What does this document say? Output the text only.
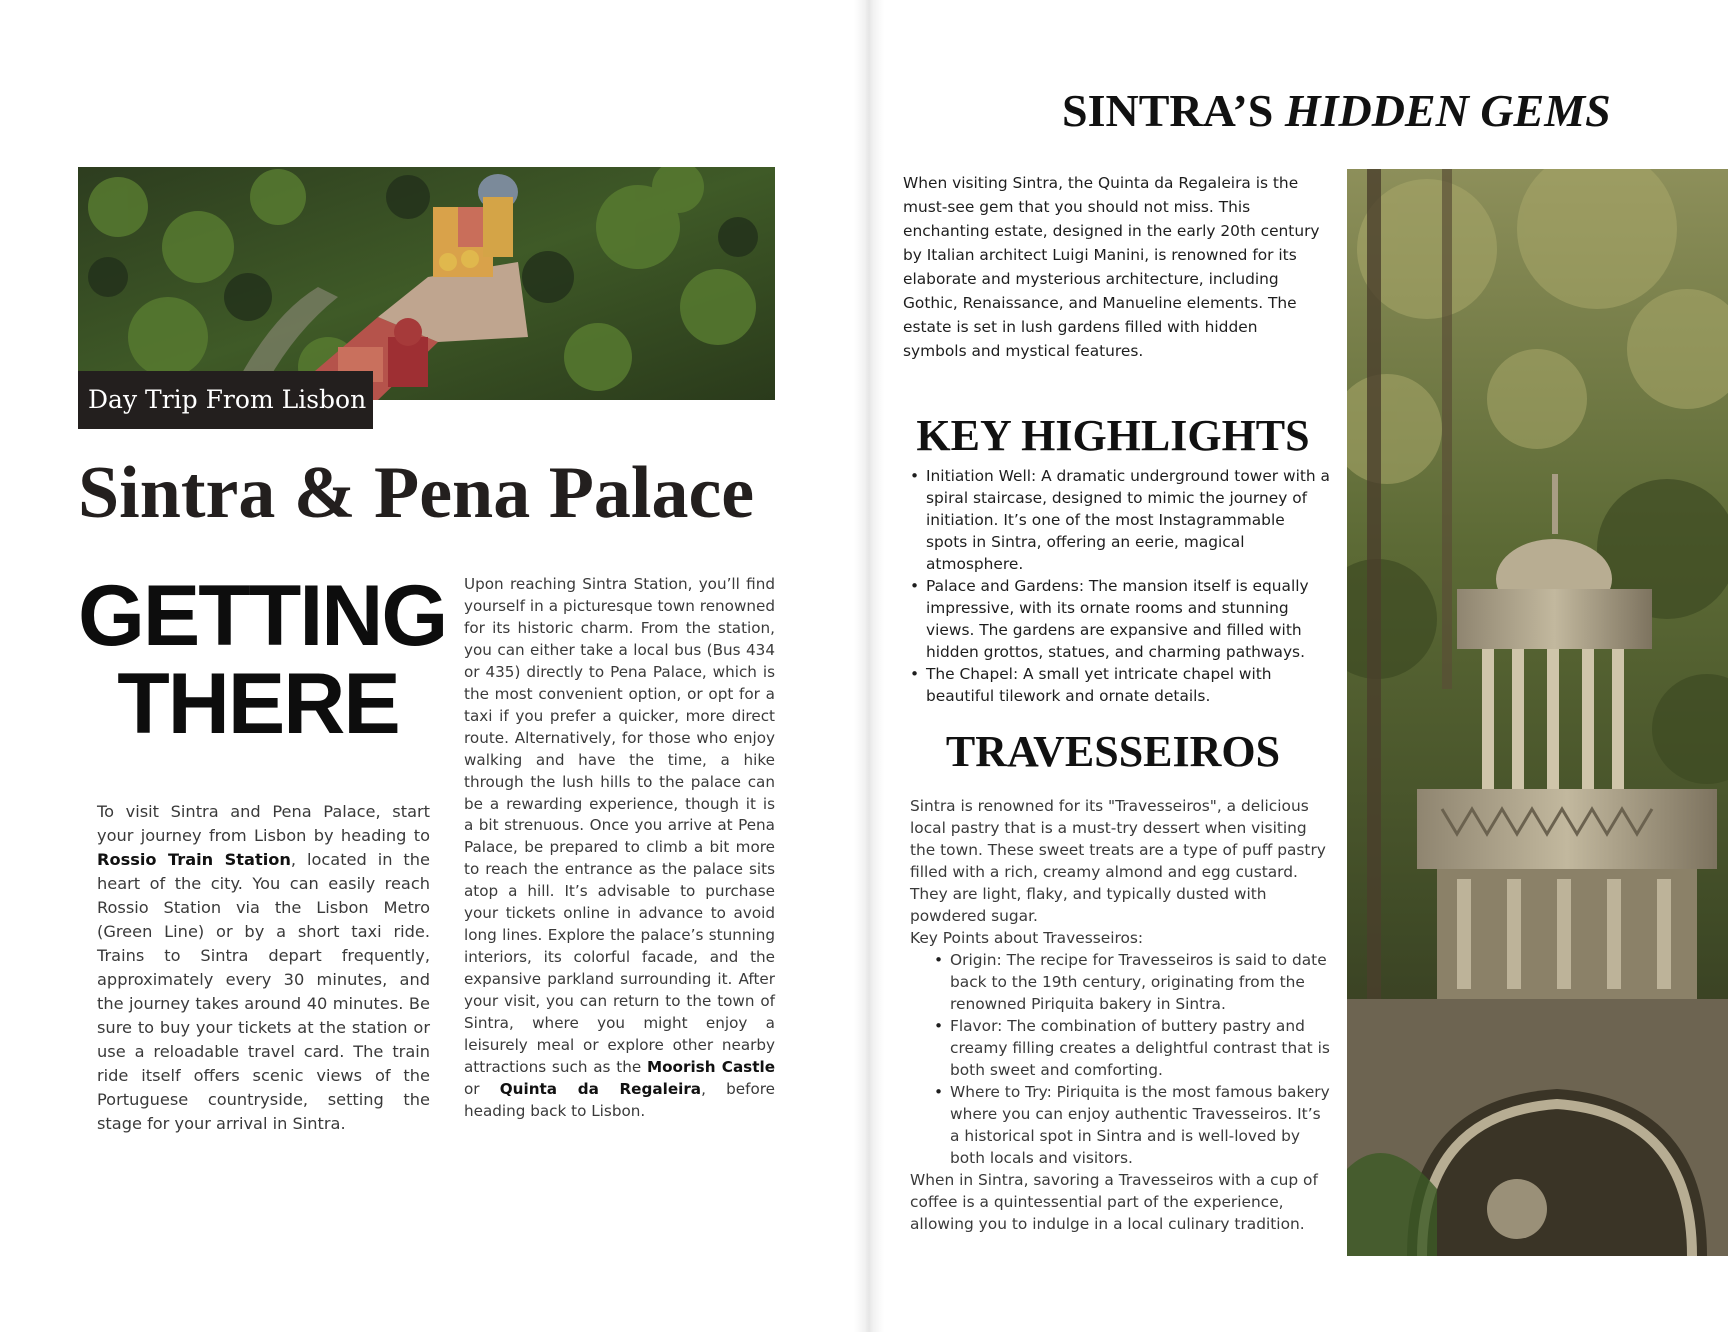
Day Trip From Lisbon
Sintra & Pena Palace
GETTING
THERE

To visit Sintra and Pena Palace, start your journey from Lisbon by heading to Rossio Train Station, located in the heart of the city. You can easily reach Rossio Station via the Lisbon Metro (Green Line) or by a short taxi ride. Trains to Sintra depart frequently, approximately every 30 minutes, and the journey takes around 40 minutes. Be sure to buy your tickets at the station or use a reloadable travel card. The train ride itself offers scenic views of the Portuguese countryside, setting the stage for your arrival in Sintra.

Upon reaching Sintra Station, you’ll find yourself in a picturesque town renowned for its historic charm. From the station, you can either take a local bus (Bus 434 or 435) directly to Pena Palace, which is the most convenient option, or opt for a taxi if you prefer a quicker, more direct route. Alternatively, for those who enjoy walking and have the time, a hike through the lush hills to the palace can be a rewarding experience, though it is a bit strenuous. Once you arrive at Pena Palace, be prepared to climb a bit more to reach the entrance as the palace sits atop a hill. It’s advisable to purchase your tickets online in advance to avoid long lines. Explore the palace’s stunning interiors, its colorful facade, and the expansive parkland surrounding it. After your visit, you can return to the town of Sintra, where you might enjoy a leisurely meal or explore other nearby attractions such as the Moorish Castle or Quinta da Regaleira, before heading back to Lisbon.

SINTRA’S HIDDEN GEMS

When visiting Sintra, the Quinta da Regaleira is the must-see gem that you should not miss. This enchanting estate, designed in the early 20th century by Italian architect Luigi Manini, is renowned for its elaborate and mysterious architecture, including Gothic, Renaissance, and Manueline elements. The estate is set in lush gardens filled with hidden symbols and mystical features.

KEY HIGHLIGHTS
• Initiation Well: A dramatic underground tower with a spiral staircase, designed to mimic the journey of initiation. It’s one of the most Instagrammable spots in Sintra, offering an eerie, magical atmosphere.
• Palace and Gardens: The mansion itself is equally impressive, with its ornate rooms and stunning views. The gardens are expansive and filled with hidden grottos, statues, and charming pathways.
• The Chapel: A small yet intricate chapel with beautiful tilework and ornate details.
TRAVESSEIROS

Sintra is renowned for its "Travesseiros", a delicious local pastry that is a must-try dessert when visiting the town. These sweet treats are a type of puff pastry filled with a rich, creamy almond and egg custard. They are light, flaky, and typically dusted with powdered sugar.

Key Points about Travesseiros:

• Origin: The recipe for Travesseiros is said to date back to the 19th century, originating from the renowned Piriquita bakery in Sintra.
• Flavor: The combination of buttery pastry and creamy filling creates a delightful contrast that is both sweet and comforting.
• Where to Try: Piriquita is the most famous bakery where you can enjoy authentic Travesseiros. It’s a historical spot in Sintra and is well-loved by both locals and visitors.

When in Sintra, savoring a Travesseiros with a cup of coffee is a quintessential part of the experience, allowing you to indulge in a local culinary tradition.
